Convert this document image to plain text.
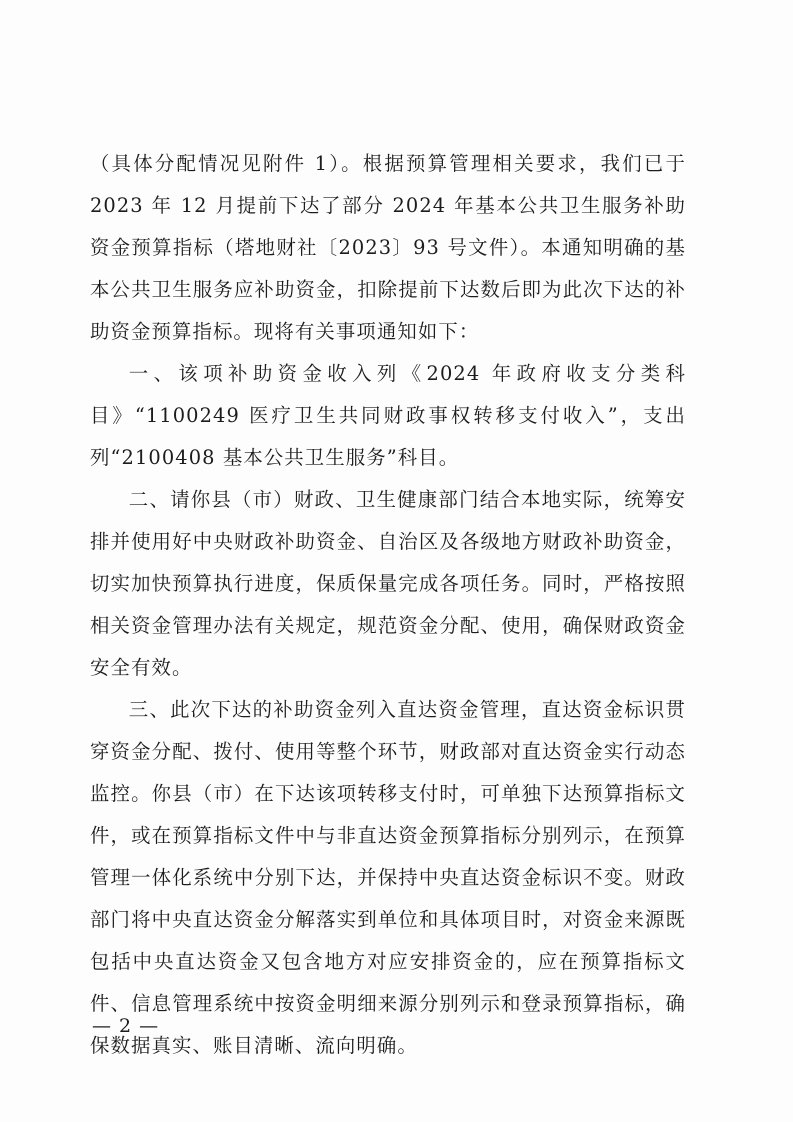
（具体分配情况见附件 1）。根据预算管理相关要求，我们已于 2023 年 12 月提前下达了部分 2024 年基本公共卫生服务补助资金预算指标（塔地财社〔2023〕93 号文件）。本通知明确的基本公共卫生服务应补助资金，扣除提前下达数后即为此次下达的补助资金预算指标。现将有关事项通知如下：

一、该项补助资金收入列《2024 年政府收支分类科目》“1100249 医疗卫生共同财政事权转移支付收入”，支出列“2100408 基本公共卫生服务”科目。

二、请你县（市）财政、卫生健康部门结合本地实际，统筹安排并使用好中央财政补助资金、自治区及各级地方财政补助资金，切实加快预算执行进度，保质保量完成各项任务。同时，严格按照相关资金管理办法有关规定，规范资金分配、使用，确保财政资金安全有效。

三、此次下达的补助资金列入直达资金管理，直达资金标识贯穿资金分配、拨付、使用等整个环节，财政部对直达资金实行动态监控。你县（市）在下达该项转移支付时，可单独下达预算指标文件，或在预算指标文件中与非直达资金预算指标分别列示，在预算管理一体化系统中分别下达，并保持中央直达资金标识不变。财政部门将中央直达资金分解落实到单位和具体项目时，对资金来源既包括中央直达资金又包含地方对应安排资金的，应在预算指标文件、信息管理系统中按资金明细来源分别列示和登录预算指标，确保数据真实、账目清晰、流向明确。

— 2 —
